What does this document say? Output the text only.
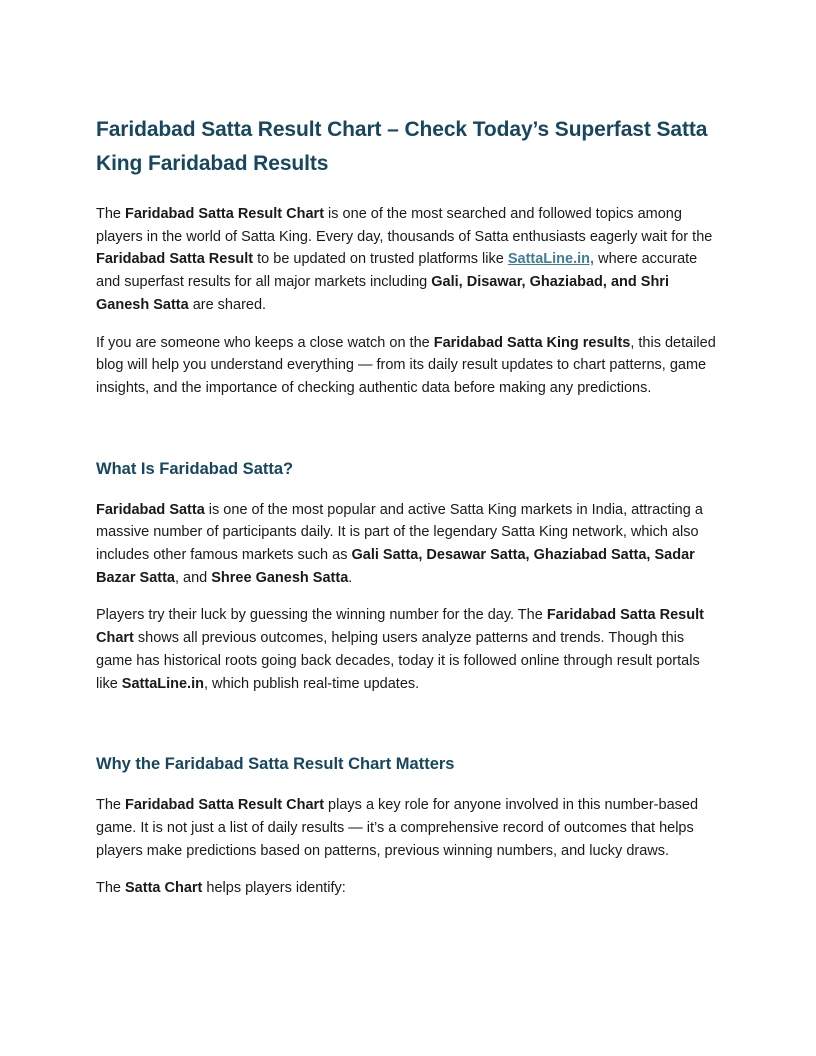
Faridabad Satta Result Chart – Check Today’s Superfast Satta King Faridabad Results

The Faridabad Satta Result Chart is one of the most searched and followed topics among players in the world of Satta King. Every day, thousands of Satta enthusiasts eagerly wait for the Faridabad Satta Result to be updated on trusted platforms like SattaLine.in, where accurate and superfast results for all major markets including Gali, Disawar, Ghaziabad, and Shri Ganesh Satta are shared.

If you are someone who keeps a close watch on the Faridabad Satta King results, this detailed blog will help you understand everything — from its daily result updates to chart patterns, game insights, and the importance of checking authentic data before making any predictions.

What Is Faridabad Satta?

Faridabad Satta is one of the most popular and active Satta King markets in India, attracting a massive number of participants daily. It is part of the legendary Satta King network, which also includes other famous markets such as Gali Satta, Desawar Satta, Ghaziabad Satta, Sadar Bazar Satta, and Shree Ganesh Satta.

Players try their luck by guessing the winning number for the day. The Faridabad Satta Result Chart shows all previous outcomes, helping users analyze patterns and trends. Though this game has historical roots going back decades, today it is followed online through result portals like SattaLine.in, which publish real-time updates.

Why the Faridabad Satta Result Chart Matters

The Faridabad Satta Result Chart plays a key role for anyone involved in this number-based game. It is not just a list of daily results — it’s a comprehensive record of outcomes that helps players make predictions based on patterns, previous winning numbers, and lucky draws.

The Satta Chart helps players identify:
